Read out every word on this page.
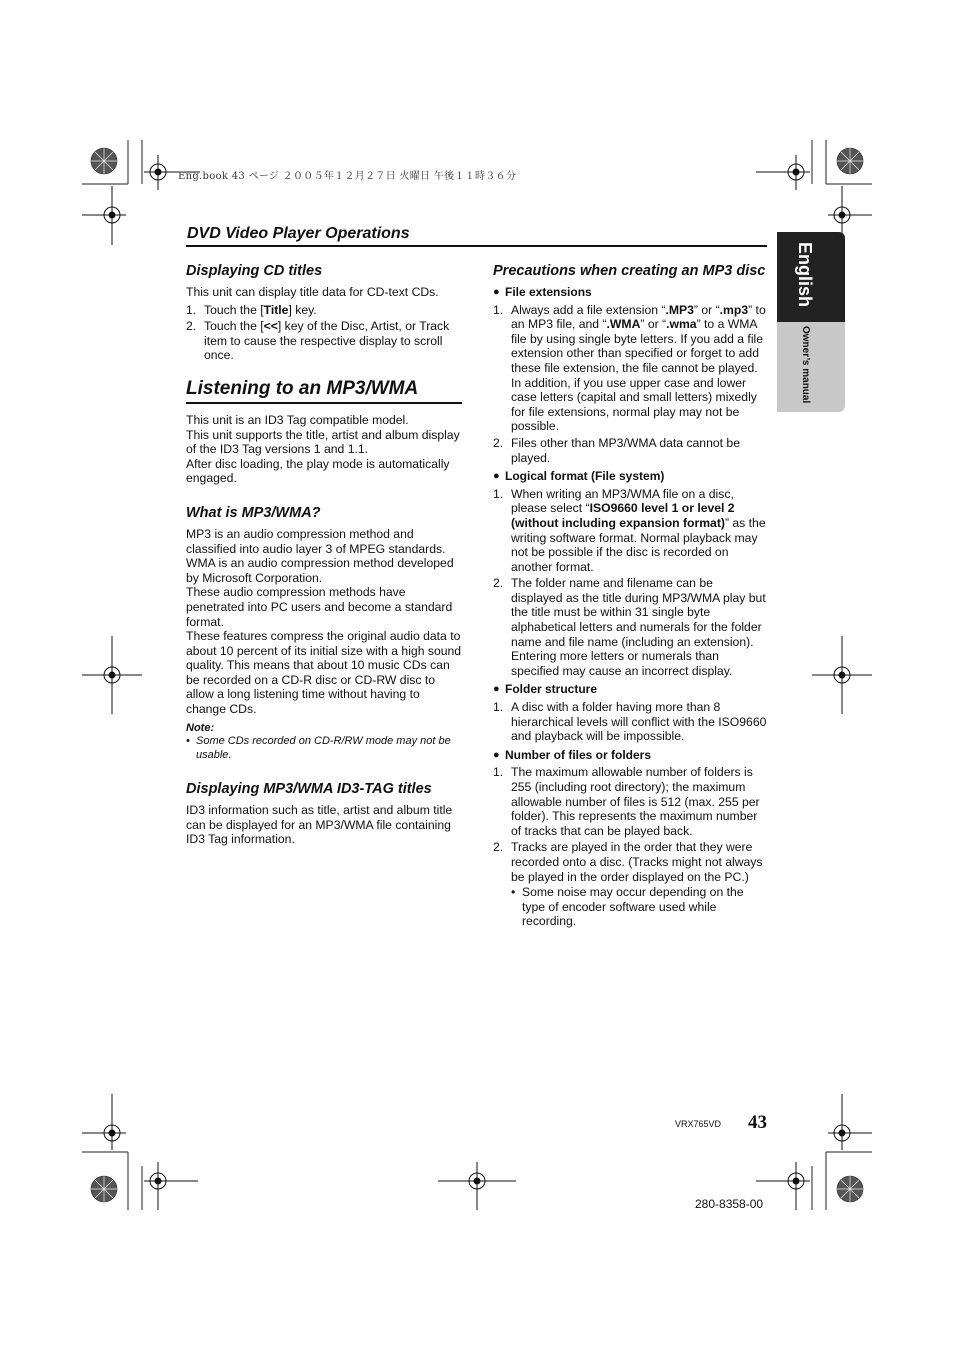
Eng.book 43 ページ ２００５年１２月２７日 火曜日 午後１１時３６分
DVD Video Player Operations
English
Owner’s manual
Displaying CD titles

This unit can display title data for CD-text CDs.

1. Touch the [Title] key.
2. Touch the [<<] key of the Disc, Artist, or Track item to cause the respective display to scroll once.
Listening to an MP3/WMA

This unit is an ID3 Tag compatible model.

This unit supports the title, artist and album display of the ID3 Tag versions 1 and 1.1.

After disc loading, the play mode is automatically engaged.

What is MP3/WMA?

MP3 is an audio compression method and classified into audio layer 3 of MPEG standards.

WMA is an audio compression method developed by Microsoft Corporation.

These audio compression methods have penetrated into PC users and become a standard format.

These features compress the original audio data to about 10 percent of its initial size with a high sound quality. This means that about 10 music CDs can be recorded on a CD-R disc or CD-RW disc to allow a long listening time without having to change CDs.

Note:
• Some CDs recorded on CD-R/RW mode may not be usable.
Displaying MP3/WMA ID3-TAG titles

ID3 information such as title, artist and album title can be displayed for an MP3/WMA file containing ID3 Tag information.

Precautions when creating an MP3 disc
● File extensions
1. Always add a file extension “.MP3” or “.mp3” to an MP3 file, and “.WMA” or “.wma” to a WMA file by using single byte letters. If you add a file extension other than specified or forget to add these file extension, the file cannot be played. In addition, if you use upper case and lower case letters (capital and small letters) mixedly for file extensions, normal play may not be possible.
2. Files other than MP3/WMA data cannot be played.
● Logical format (File system)
1. When writing an MP3/WMA file on a disc, please select “ISO9660 level 1 or level 2 (without including expansion format)” as the writing software format. Normal playback may not be possible if the disc is recorded on another format.
2. The folder name and filename can be displayed as the title during MP3/WMA play but the title must be within 31 single byte alphabetical letters and numerals for the folder name and file name (including an extension). Entering more letters or numerals than specified may cause an incorrect display.
● Folder structure
1. A disc with a folder having more than 8 hierarchical levels will conflict with the ISO9660 and playback will be impossible.
● Number of files or folders
1. The maximum allowable number of folders is 255 (including root directory); the maximum allowable number of files is 512 (max. 255 per folder). This represents the maximum number of tracks that can be played back.
2. Tracks are played in the order that they were recorded onto a disc. (Tracks might not always be played in the order displayed on the PC.)
• Some noise may occur depending on the type of encoder software used while recording.
VRX765VD 43
280-8358-00
